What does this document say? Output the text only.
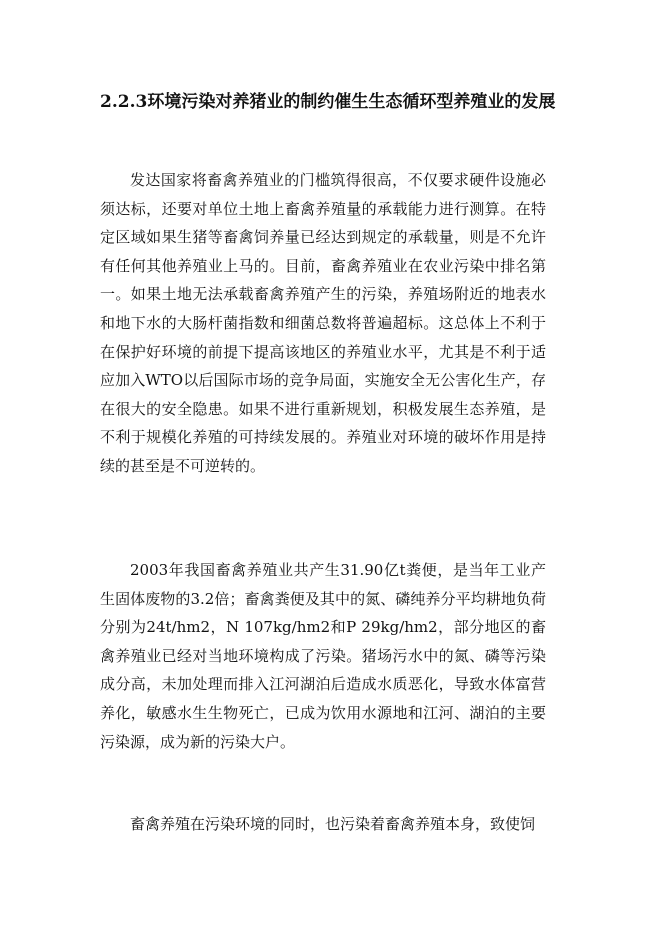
2.2.3环境污染对养猪业的制约催生生态循环型养殖业的发展

发达国家将畜禽养殖业的门槛筑得很高，不仅要求硬件设施必须达标，还要对单位土地上畜禽养殖量的承载能力进行测算。在特定区域如果生猪等畜禽饲养量已经达到规定的承载量，则是不允许有任何其他养殖业上马的。目前，畜禽养殖业在农业污染中排名第一。如果土地无法承载畜禽养殖产生的污染，养殖场附近的地表水和地下水的大肠杆菌指数和细菌总数将普遍超标。这总体上不利于在保护好环境的前提下提高该地区的养殖业水平，尤其是不利于适应加入WTO以后国际市场的竞争局面，实施安全无公害化生产，存在很大的安全隐患。如果不进行重新规划，积极发展生态养殖，是不利于规模化养殖的可持续发展的。养殖业对环境的破坏作用是持续的甚至是不可逆转的。

2003年我国畜禽养殖业共产生31.90亿t粪便，是当年工业产生固体废物的3.2倍；畜禽粪便及其中的氮、磷纯养分平均耕地负荷分别为24t/hm2，N 107kg/hm2和P 29kg/hm2，部分地区的畜禽养殖业已经对当地环境构成了污染。猪场污水中的氮、磷等污染成分高，未加处理而排入江河湖泊后造成水质恶化，导致水体富营养化，敏感水生生物死亡，已成为饮用水源地和江河、湖泊的主要污染源，成为新的污染大户。

畜禽养殖在污染环境的同时，也污染着畜禽养殖本身，致使饲
